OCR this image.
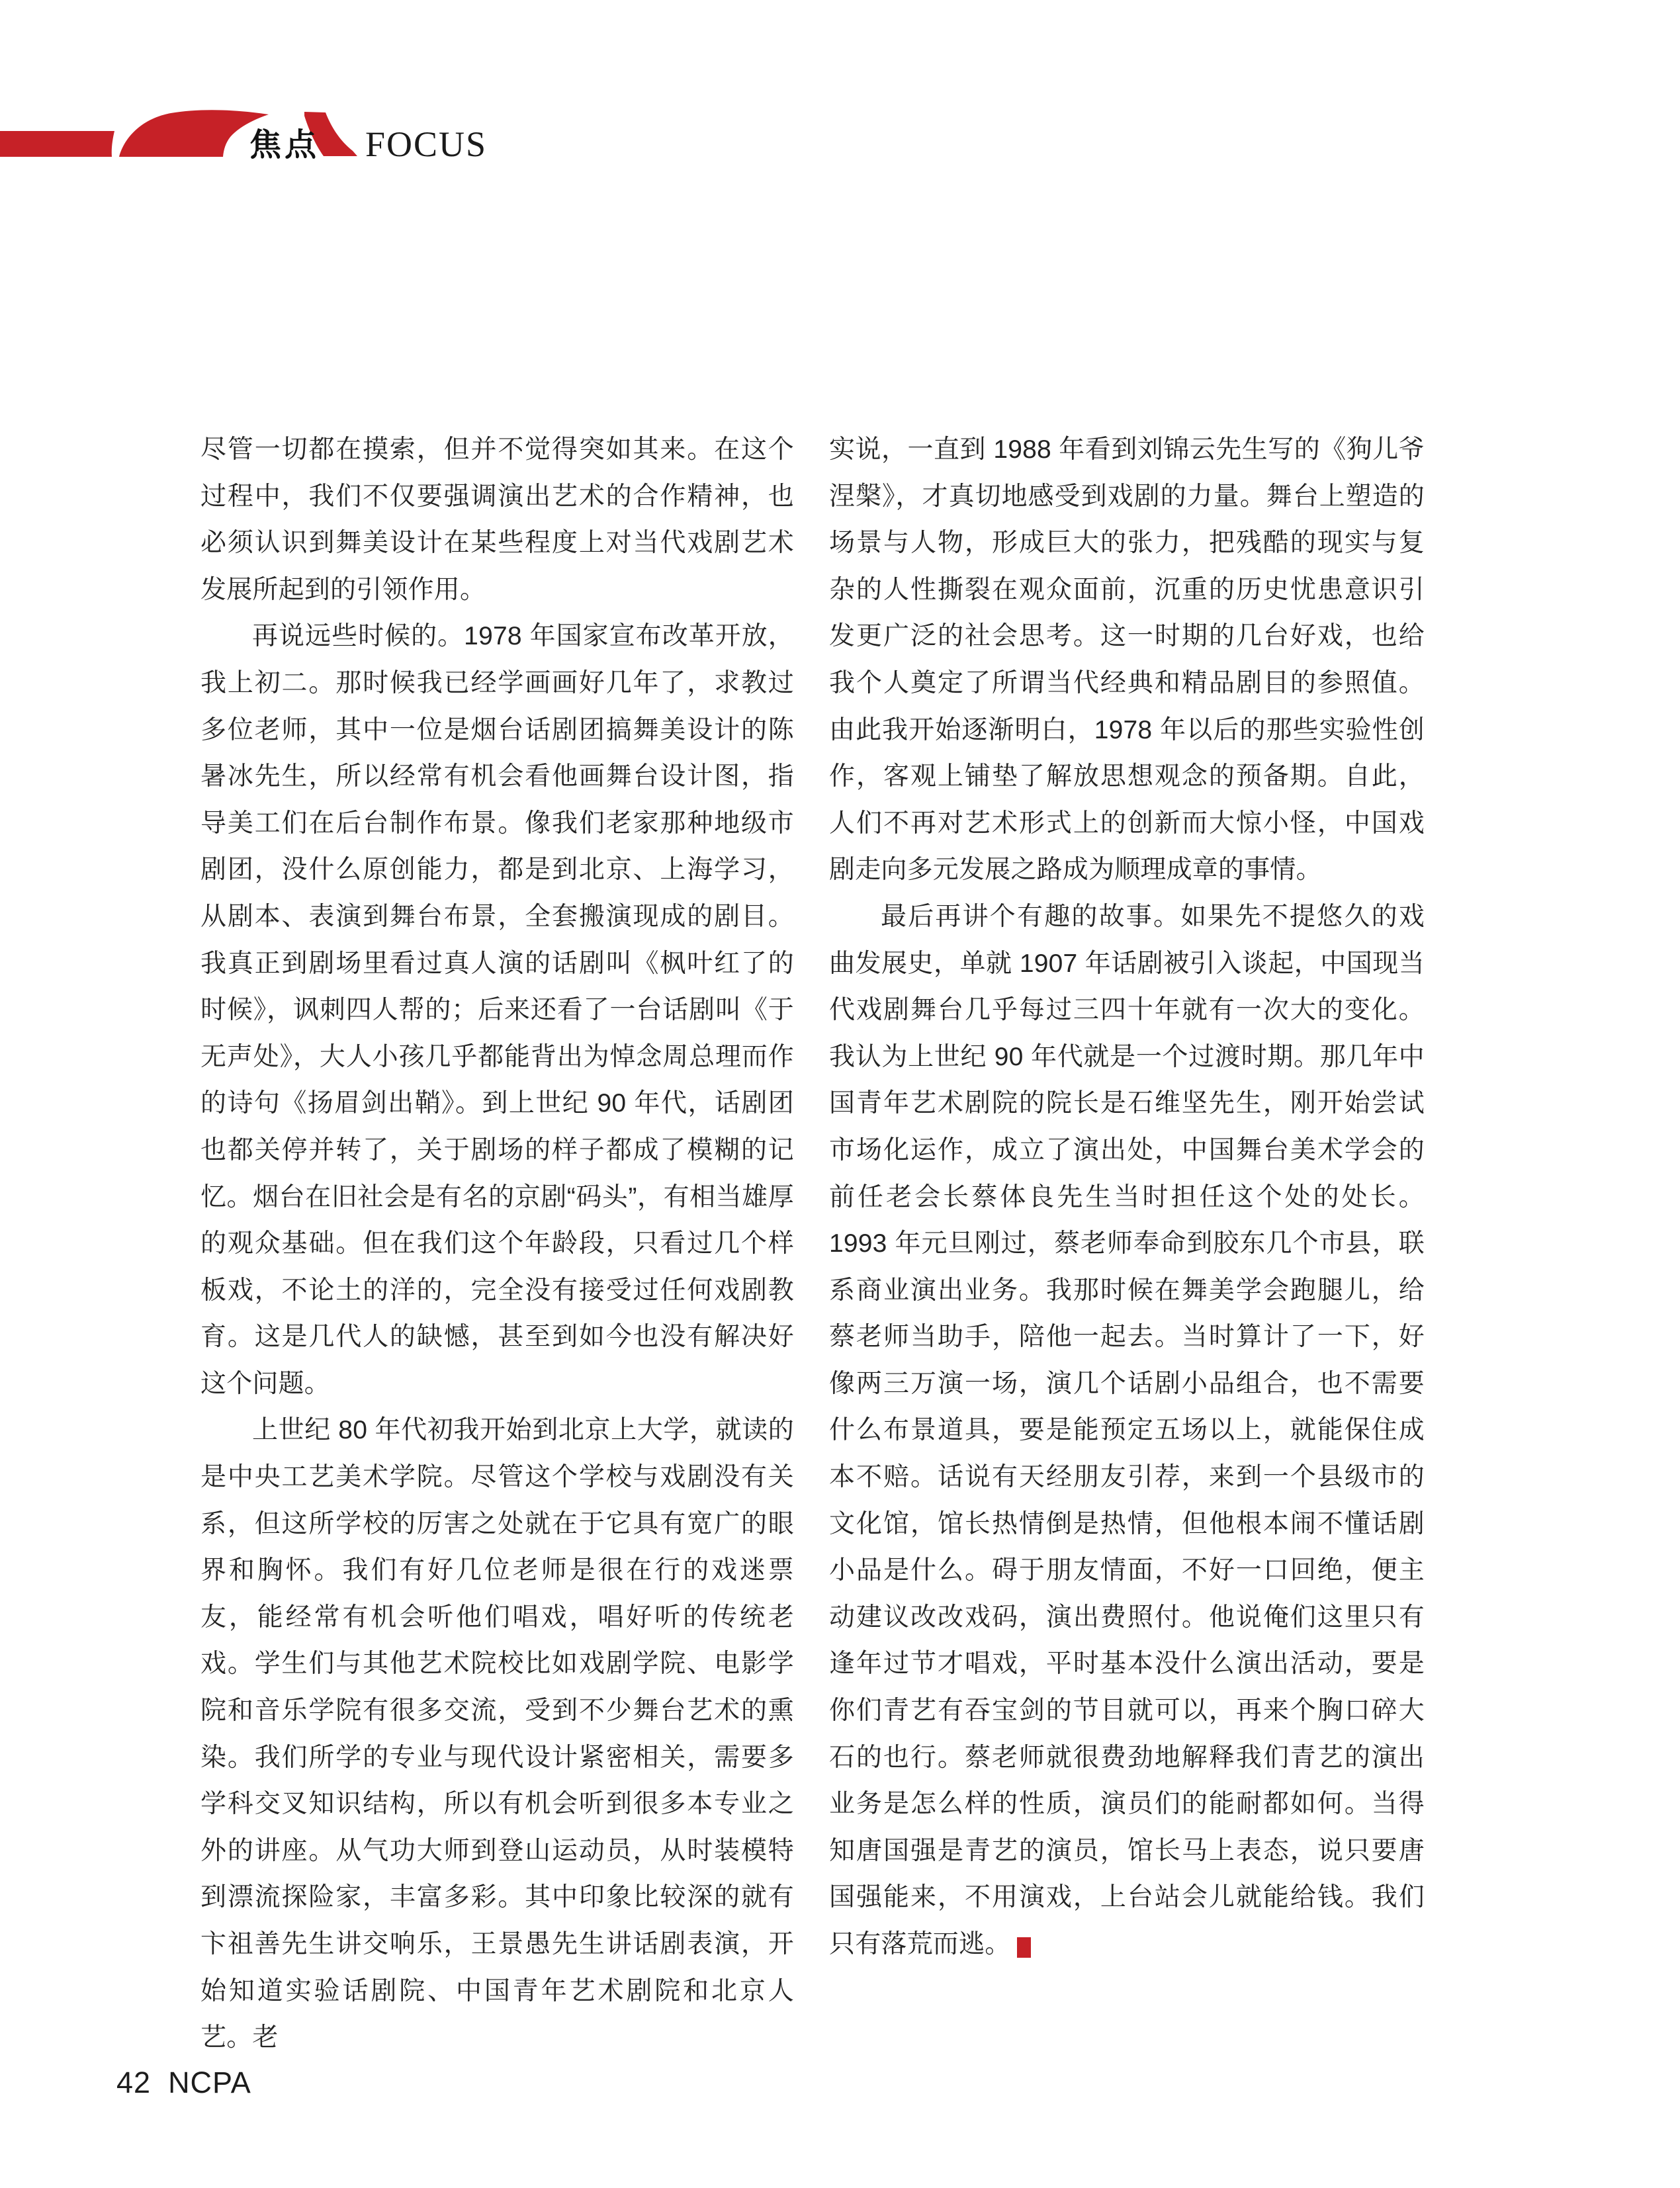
焦点 FOCUS

尽管一切都在摸索，但并不觉得突如其来。在这个过程中，我们不仅要强调演出艺术的合作精神，也必须认识到舞美设计在某些程度上对当代戏剧艺术发展所起到的引领作用。

再说远些时候的。1978 年国家宣布改革开放，我上初二。那时候我已经学画画好几年了，求教过多位老师，其中一位是烟台话剧团搞舞美设计的陈暑冰先生，所以经常有机会看他画舞台设计图，指导美工们在后台制作布景。像我们老家那种地级市剧团，没什么原创能力，都是到北京、上海学习，从剧本、表演到舞台布景，全套搬演现成的剧目。我真正到剧场里看过真人演的话剧叫《枫叶红了的时候》，讽刺四人帮的；后来还看了一台话剧叫《于无声处》，大人小孩几乎都能背出为悼念周总理而作的诗句《扬眉剑出鞘》。到上世纪 90 年代，话剧团也都关停并转了，关于剧场的样子都成了模糊的记忆。烟台在旧社会是有名的京剧“码头”，有相当雄厚的观众基础。但在我们这个年龄段，只看过几个样板戏，不论土的洋的，完全没有接受过任何戏剧教育。这是几代人的缺憾，甚至到如今也没有解决好这个问题。

上世纪 80 年代初我开始到北京上大学，就读的是中央工艺美术学院。尽管这个学校与戏剧没有关系，但这所学校的厉害之处就在于它具有宽广的眼界和胸怀。我们有好几位老师是很在行的戏迷票友，能经常有机会听他们唱戏，唱好听的传统老戏。学生们与其他艺术院校比如戏剧学院、电影学院和音乐学院有很多交流，受到不少舞台艺术的熏染。我们所学的专业与现代设计紧密相关，需要多学科交叉知识结构，所以有机会听到很多本专业之外的讲座。从气功大师到登山运动员，从时装模特到漂流探险家，丰富多彩。其中印象比较深的就有卞祖善先生讲交响乐，王景愚先生讲话剧表演，开始知道实验话剧院、中国青年艺术剧院和北京人艺。老

实说，一直到 1988 年看到刘锦云先生写的《狗儿爷涅槃》，才真切地感受到戏剧的力量。舞台上塑造的场景与人物，形成巨大的张力，把残酷的现实与复杂的人性撕裂在观众面前，沉重的历史忧患意识引发更广泛的社会思考。这一时期的几台好戏，也给我个人奠定了所谓当代经典和精品剧目的参照值。由此我开始逐渐明白，1978 年以后的那些实验性创作，客观上铺垫了解放思想观念的预备期。自此，人们不再对艺术形式上的创新而大惊小怪，中国戏剧走向多元发展之路成为顺理成章的事情。

最后再讲个有趣的故事。如果先不提悠久的戏曲发展史，单就 1907 年话剧被引入谈起，中国现当代戏剧舞台几乎每过三四十年就有一次大的变化。我认为上世纪 90 年代就是一个过渡时期。那几年中国青年艺术剧院的院长是石维坚先生，刚开始尝试市场化运作，成立了演出处，中国舞台美术学会的前任老会长蔡体良先生当时担任这个处的处长。1993 年元旦刚过，蔡老师奉命到胶东几个市县，联系商业演出业务。我那时候在舞美学会跑腿儿，给蔡老师当助手，陪他一起去。当时算计了一下，好像两三万演一场，演几个话剧小品组合，也不需要什么布景道具，要是能预定五场以上，就能保住成本不赔。话说有天经朋友引荐，来到一个县级市的文化馆，馆长热情倒是热情，但他根本闹不懂话剧小品是什么。碍于朋友情面，不好一口回绝，便主动建议改改戏码，演出费照付。他说俺们这里只有逢年过节才唱戏，平时基本没什么演出活动，要是你们青艺有吞宝剑的节目就可以，再来个胸口碎大石的也行。蔡老师就很费劲地解释我们青艺的演出业务是怎么样的性质，演员们的能耐都如何。当得知唐国强是青艺的演员，馆长马上表态，说只要唐国强能来，不用演戏，上台站会儿就能给钱。我们只有落荒而逃。 $\frac{NC}{PA}$

42 NCPA
